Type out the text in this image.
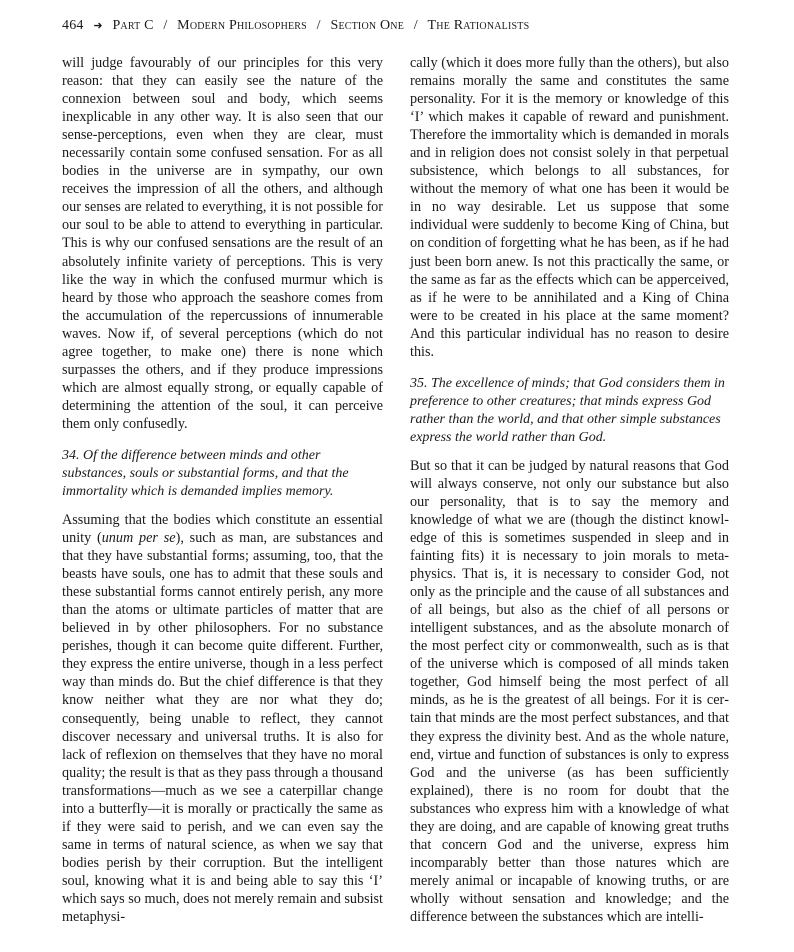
464 ➜ Part C / Modern Philosophers / Section One / The Rationalists

will judge favourably of our principles for this very reason: that they can easily see the nature of the connexion between soul and body, which seems inexplicable in any other way. It is also seen that our sense-perceptions, even when they are clear, must necessarily contain some confused sensation. For as all bodies in the universe are in sympathy, our own receives the impression of all the others, and although our senses are related to everything, it is not possible for our soul to be able to attend to everything in particular. This is why our confused sensations are the result of an absolutely infinite variety of perceptions. This is very like the way in which the confused murmur which is heard by those who approach the seashore comes from the accumulation of the repercussions of innumerable waves. Now if, of several perceptions (which do not agree together, to make one) there is none which surpasses the others, and if they produce impressions which are almost equally strong, or equally capable of determining the attention of the soul, it can perceive them only confusedly.

34. Of the difference between minds and other substances, souls or substantial forms, and that the immortality which is demanded implies memory.

Assuming that the bodies which constitute an essential unity (unum per se), such as man, are substances and that they have substantial forms; assuming, too, that the beasts have souls, one has to admit that these souls and these substantial forms cannot entirely perish, any more than the atoms or ultimate particles of matter that are believed in by other philosophers. For no substance perishes, though it can become quite different. Further, they express the entire universe, though in a less perfect way than minds do. But the chief difference is that they know neither what they are nor what they do; consequently, being unable to reflect, they cannot discover necessary and universal truths. It is also for lack of reflexion on themselves that they have no moral quality; the result is that as they pass through a thousand transformations—much as we see a caterpillar change into a butterfly—it is morally or practically the same as if they were said to perish, and we can even say the same in terms of natural science, as when we say that bodies perish by their corruption. But the intelligent soul, knowing what it is and being able to say this ‘I’ which says so much, does not merely remain and subsist metaphysi-

cally (which it does more fully than the others), but also remains morally the same and constitutes the same personality. For it is the memory or knowledge of this ‘I’ which makes it capable of reward and punishment. Therefore the immortality which is demanded in morals and in religion does not consist solely in that perpetual subsistence, which belongs to all substances, for without the memory of what one has been it would be in no way desirable. Let us suppose that some individual were suddenly to become King of China, but on condition of forgetting what he has been, as if he had just been born anew. Is not this practically the same, or the same as far as the effects which can be apperceived, as if he were to be annihilated and a King of China were to be created in his place at the same moment? And this particular individual has no reason to desire this.

35. The excellence of minds; that God considers them in preference to other creatures; that minds express God rather than the world, and that other simple substances express the world rather than God.

But so that it can be judged by natural reasons that God will always conserve, not only our substance but also our personality, that is to say the memory and knowledge of what we are (though the distinct knowledge of this is sometimes suspended in sleep and in fainting fits) it is necessary to join morals to metaphysics. That is, it is necessary to consider God, not only as the principle and the cause of all substances and of all beings, but also as the chief of all persons or intelligent substances, and as the absolute monarch of the most perfect city or commonwealth, such as is that of the universe which is composed of all minds taken together, God himself being the most perfect of all minds, as he is the greatest of all beings. For it is certain that minds are the most perfect substances, and that they express the divinity best. And as the whole nature, end, virtue and function of substances is only to express God and the universe (as has been sufficiently explained), there is no room for doubt that the substances who express him with a knowledge of what they are doing, and are capable of knowing great truths that concern God and the universe, express him incomparably better than those natures which are merely animal or incapable of knowing truths, or are wholly without sensation and knowledge; and the difference between the substances which are intelli-
